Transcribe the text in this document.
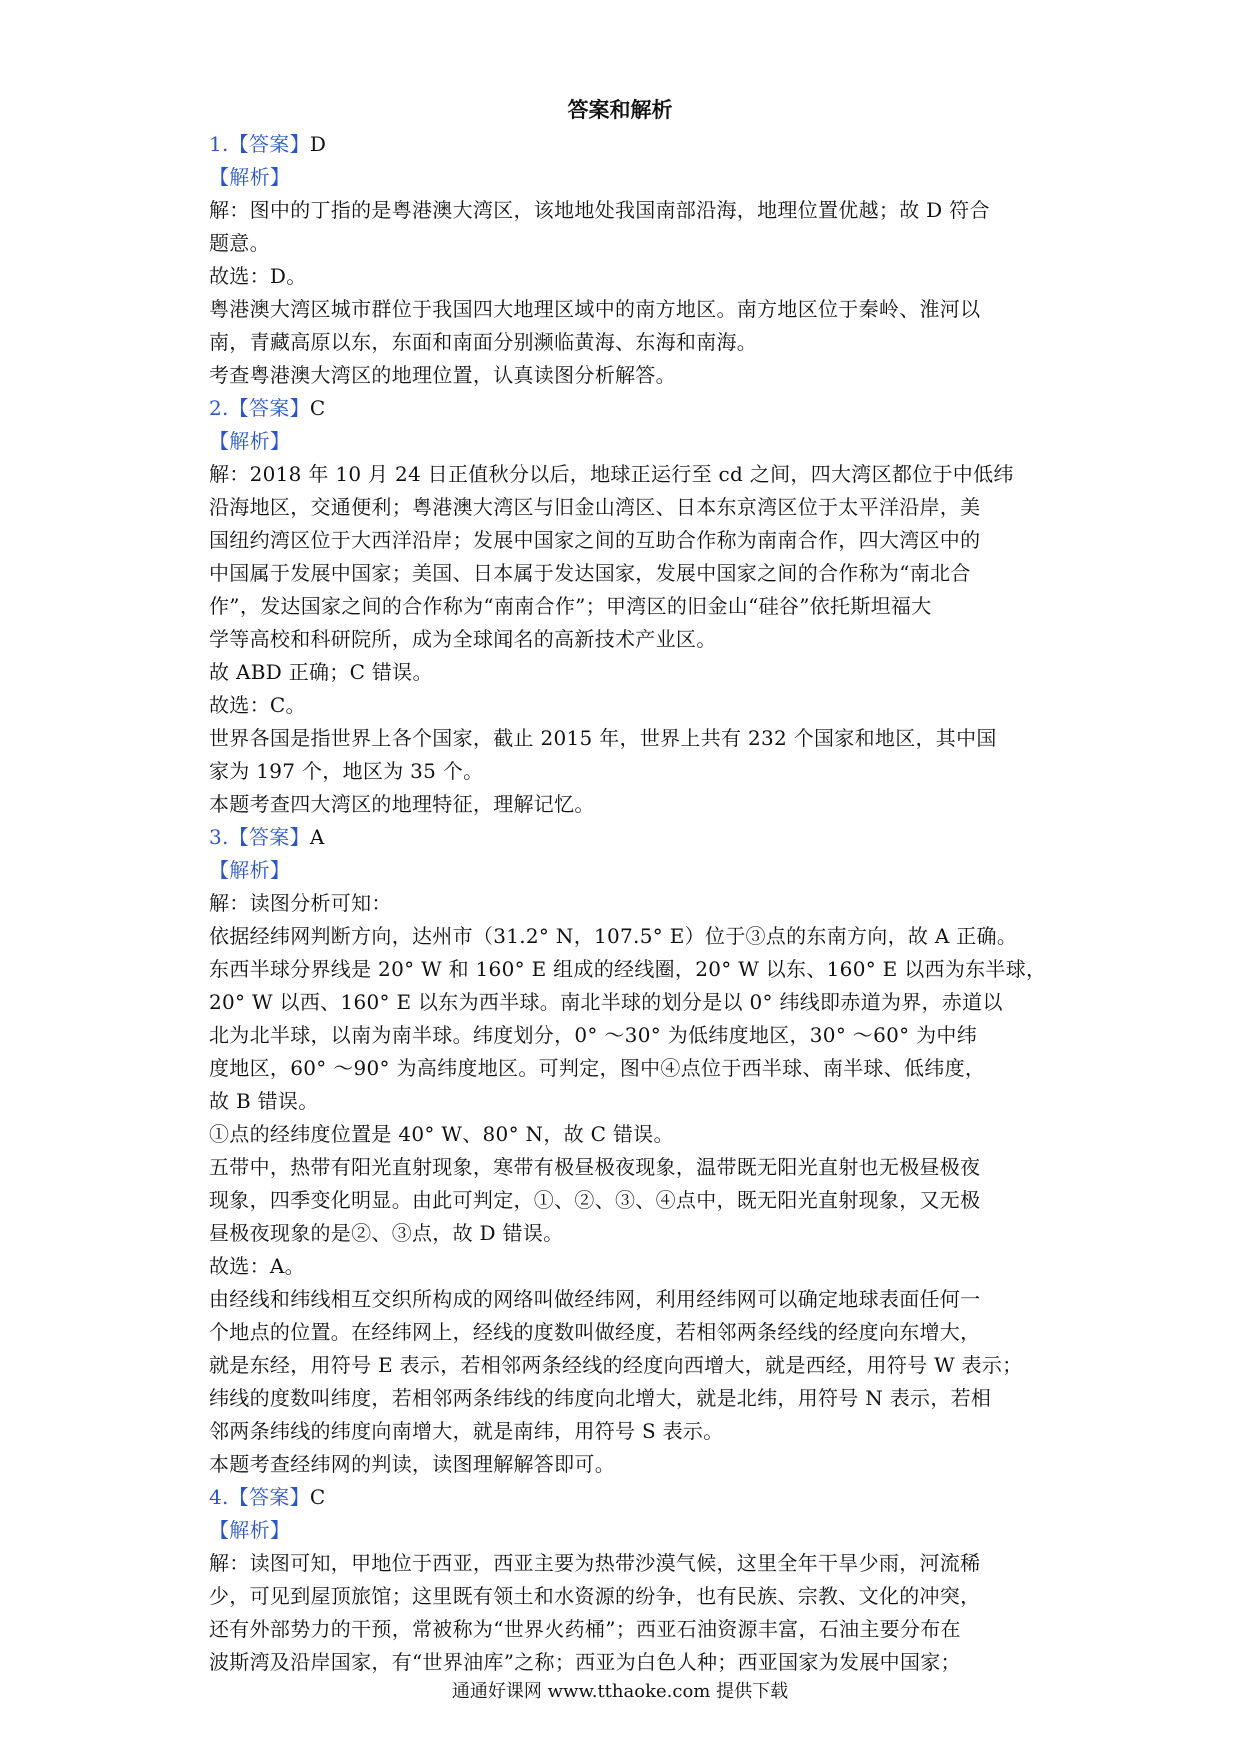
答案和解析
1.【答案】D
【解析】
解：图中的丁指的是粤港澳大湾区，该地地处我国南部沿海，地理位置优越；故 D 符合
题意。
故选：D。
粤港澳大湾区城市群位于我国四大地理区域中的南方地区。南方地区位于秦岭、淮河以
南，青藏高原以东，东面和南面分别濒临黄海、东海和南海。
考查粤港澳大湾区的地理位置，认真读图分析解答。
2.【答案】C
【解析】
解：2018 年 10 月 24 日正值秋分以后，地球正运行至 cd 之间，四大湾区都位于中低纬
沿海地区，交通便利；粤港澳大湾区与旧金山湾区、日本东京湾区位于太平洋沿岸，美
国纽约湾区位于大西洋沿岸；发展中国家之间的互助合作称为南南合作，四大湾区中的
中国属于发展中国家；美国、日本属于发达国家，发展中国家之间的合作称为“南北合
作”，发达国家之间的合作称为“南南合作”；甲湾区的旧金山“硅谷”依托斯坦福大
学等高校和科研院所，成为全球闻名的高新技术产业区。
故 ABD 正确；C 错误。
故选：C。
世界各国是指世界上各个国家，截止 2015 年，世界上共有 232 个国家和地区，其中国
家为 197 个，地区为 35 个。
本题考查四大湾区的地理特征，理解记忆。
3.【答案】A
【解析】
解：读图分析可知：
依据经纬网判断方向，达州市（31.2° N，107.5° E）位于③点的东南方向，故 A 正确。
东西半球分界线是 20° W 和 160° E 组成的经线圈，20° W 以东、160° E 以西为东半球，
20° W 以西、160° E 以东为西半球。南北半球的划分是以 0° 纬线即赤道为界，赤道以
北为北半球，以南为南半球。纬度划分，0° ～30° 为低纬度地区，30° ～60° 为中纬
度地区，60° ～90° 为高纬度地区。可判定，图中④点位于西半球、南半球、低纬度，
故 B 错误。
①点的经纬度位置是 40° W、80° N，故 C 错误。
五带中，热带有阳光直射现象，寒带有极昼极夜现象，温带既无阳光直射也无极昼极夜
现象，四季变化明显。由此可判定，①、②、③、④点中，既无阳光直射现象，又无极
昼极夜现象的是②、③点，故 D 错误。
故选：A。
由经线和纬线相互交织所构成的网络叫做经纬网，利用经纬网可以确定地球表面任何一
个地点的位置。在经纬网上，经线的度数叫做经度，若相邻两条经线的经度向东增大，
就是东经，用符号 E 表示，若相邻两条经线的经度向西增大，就是西经，用符号 W 表示；
纬线的度数叫纬度，若相邻两条纬线的纬度向北增大，就是北纬，用符号 N 表示，若相
邻两条纬线的纬度向南增大，就是南纬，用符号 S 表示。
本题考查经纬网的判读，读图理解解答即可。
4.【答案】C
【解析】
解：读图可知，甲地位于西亚，西亚主要为热带沙漠气候，这里全年干旱少雨，河流稀
少，可见到屋顶旅馆；这里既有领土和水资源的纷争，也有民族、宗教、文化的冲突，
还有外部势力的干预，常被称为“世界火药桶”；西亚石油资源丰富，石油主要分布在
波斯湾及沿岸国家，有“世界油库”之称；西亚为白色人种；西亚国家为发展中国家；
通通好课网 www.tthaoke.com 提供下载
